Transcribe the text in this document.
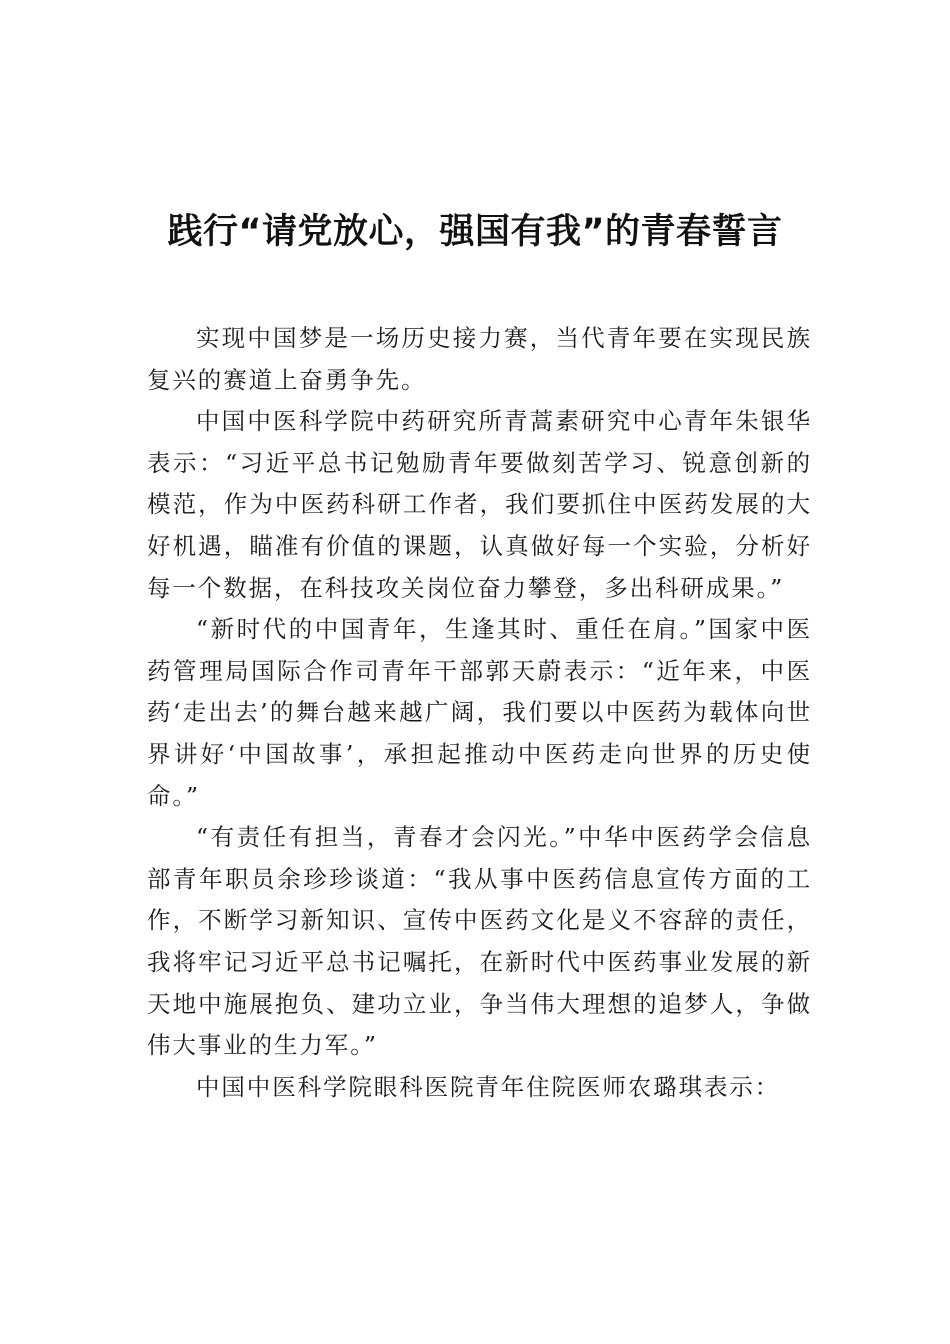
践行“请党放心，强国有我”的青春誓言

实现中国梦是一场历史接力赛，当代青年要在实现民族复兴的赛道上奋勇争先。

中国中医科学院中药研究所青蒿素研究中心青年朱银华表示：“习近平总书记勉励青年要做刻苦学习、锐意创新的模范，作为中医药科研工作者，我们要抓住中医药发展的大好机遇，瞄准有价值的课题，认真做好每一个实验，分析好每一个数据，在科技攻关岗位奋力攀登，多出科研成果。”

“新时代的中国青年，生逢其时、重任在肩。”国家中医药管理局国际合作司青年干部郭天蔚表示：“近年来，中医药‘走出去’的舞台越来越广阔，我们要以中医药为载体向世界讲好‘中国故事’，承担起推动中医药走向世界的历史使命。”

“有责任有担当，青春才会闪光。”中华中医药学会信息部青年职员余珍珍谈道：“我从事中医药信息宣传方面的工作，不断学习新知识、宣传中医药文化是义不容辞的责任， 我将牢记习近平总书记嘱托，在新时代中医药事业发展的新天地中施展抱负、建功立业，争当伟大理想的追梦人，争做伟大事业的生力军。”

中国中医科学院眼科医院青年住院医师农璐琪表示：
